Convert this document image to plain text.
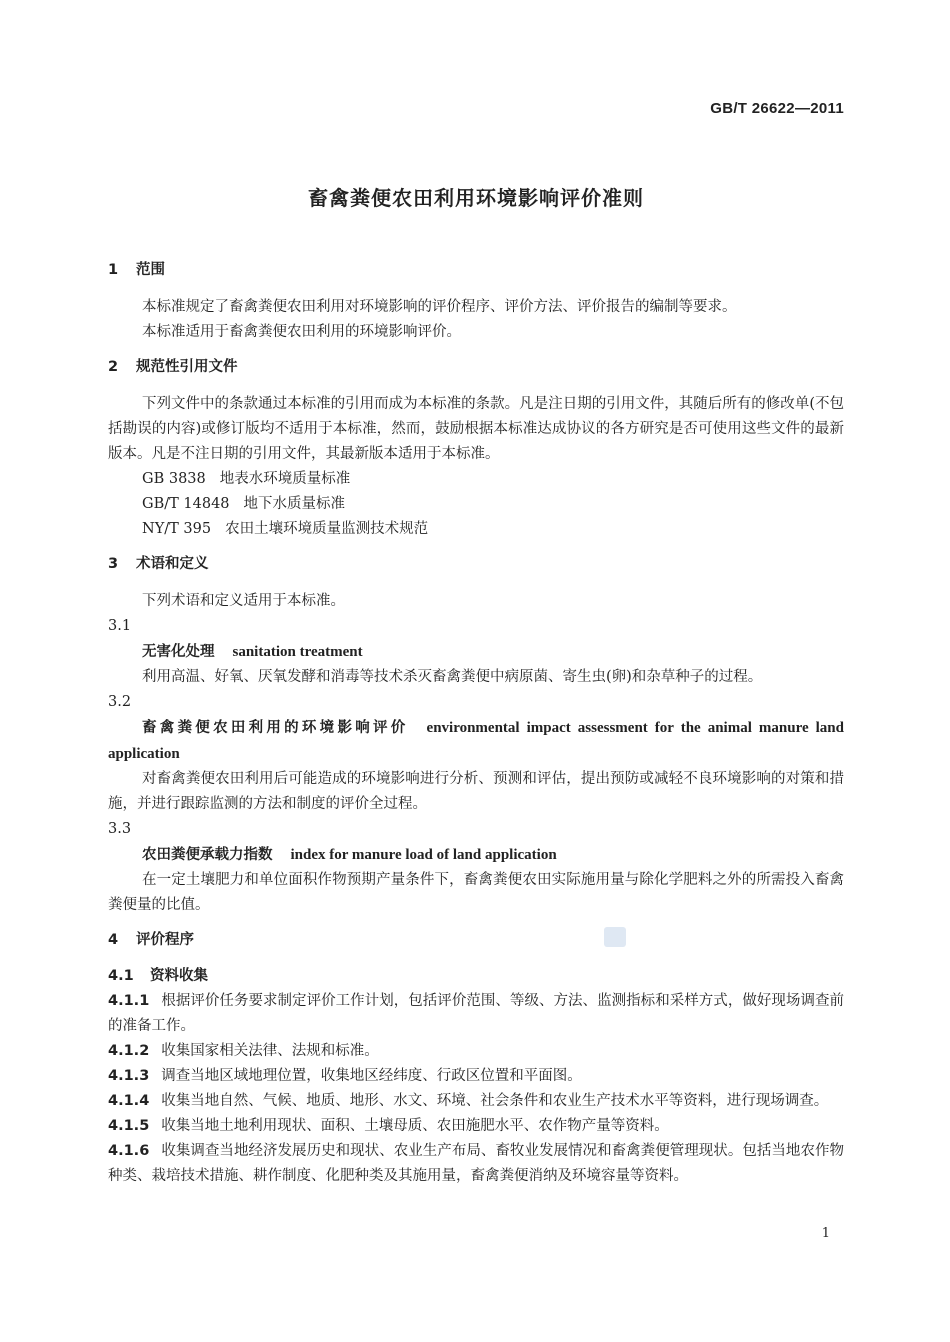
GB/T 26622—2011
畜禽粪便农田利用环境影响评价准则
1 范围

本标准规定了畜禽粪便农田利用对环境影响的评价程序、评价方法、评价报告的编制等要求。

本标准适用于畜禽粪便农田利用的环境影响评价。

2 规范性引用文件

下列文件中的条款通过本标准的引用而成为本标准的条款。凡是注日期的引用文件，其随后所有的修改单(不包括勘误的内容)或修订版均不适用于本标准，然而，鼓励根据本标准达成协议的各方研究是否可使用这些文件的最新版本。凡是不注日期的引用文件，其最新版本适用于本标准。

GB 3838 地表水环境质量标准

GB/T 14848 地下水质量标准

NY/T 395 农田土壤环境质量监测技术规范

3 术语和定义

下列术语和定义适用于本标准。

3.1

无害化处理 sanitation treatment

利用高温、好氧、厌氧发酵和消毒等技术杀灭畜禽粪便中病原菌、寄生虫(卵)和杂草种子的过程。

3.2

畜禽粪便农田利用的环境影响评价 environmental impact assessment for the animal manure land application

对畜禽粪便农田利用后可能造成的环境影响进行分析、预测和评估，提出预防或减轻不良环境影响的对策和措施，并进行跟踪监测的方法和制度的评价全过程。

3.3

农田粪便承载力指数 index for manure load of land application

在一定土壤肥力和单位面积作物预期产量条件下，畜禽粪便农田实际施用量与除化学肥料之外的所需投入畜禽粪便量的比值。

4 评价程序

4.1 资料收集

4.1.1 根据评价任务要求制定评价工作计划，包括评价范围、等级、方法、监测指标和采样方式，做好现场调查前的准备工作。

4.1.2 收集国家相关法律、法规和标准。

4.1.3 调查当地区域地理位置，收集地区经纬度、行政区位置和平面图。

4.1.4 收集当地自然、气候、地质、地形、水文、环境、社会条件和农业生产技术水平等资料，进行现场调查。

4.1.5 收集当地土地利用现状、面积、土壤母质、农田施肥水平、农作物产量等资料。

4.1.6 收集调查当地经济发展历史和现状、农业生产布局、畜牧业发展情况和畜禽粪便管理现状。包括当地农作物种类、栽培技术措施、耕作制度、化肥种类及其施用量，畜禽粪便消纳及环境容量等资料。

1
